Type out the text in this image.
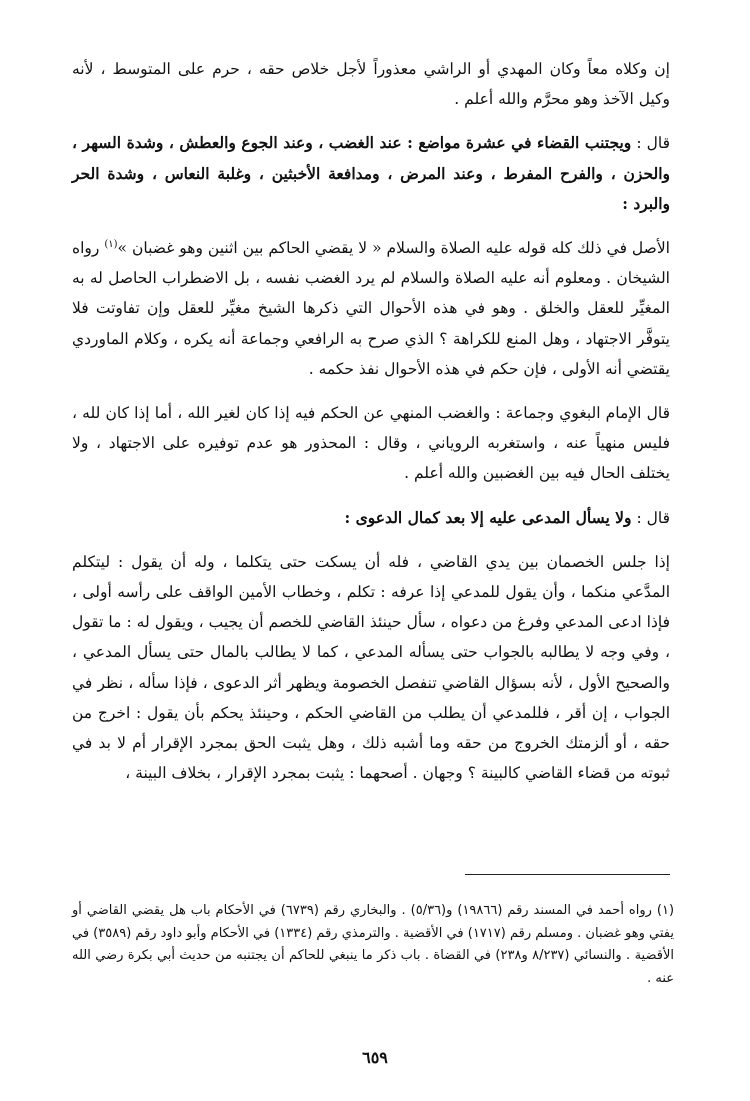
إن وكلاه معاً وكان المهدي أو الراشي معذوراً لأجل خلاص حقه ، حرم على المتوسط ، لأنه وكيل الآخذ وهو محرَّم والله أعلم .

قال : ويجتنب القضاء في عشرة مواضع : عند الغضب ، وعند الجوع والعطش ، وشدة السهر ، والحزن ، والفرح المفرط ، وعند المرض ، ومدافعة الأخبثين ، وغلبة النعاس ، وشدة الحر والبرد :

الأصل في ذلك كله قوله عليه الصلاة والسلام « لا يقضي الحاكم بين اثنين وهو غضبان »$^{(١)}$ رواه الشيخان . ومعلوم أنه عليه الصلاة والسلام لم يرد الغضب نفسه ، بل الاضطراب الحاصل له به المغيِّر للعقل والخلق . وهو في هذه الأحوال التي ذكرها الشيخ مغيِّر للعقل وإن تفاوتت فلا يتوفَّر الاجتهاد ، وهل المنع للكراهة ؟ الذي صرح به الرافعي وجماعة أنه يكره ، وكلام الماوردي يقتضي أنه الأولى ، فإن حكم في هذه الأحوال نفذ حكمه .

قال الإمام البغوي وجماعة : والغضب المنهي عن الحكم فيه إذا كان لغير الله ، أما إذا كان لله ، فليس منهياً عنه ، واستغربه الروياني ، وقال : المحذور هو عدم توفيره على الاجتهاد ، ولا يختلف الحال فيه بين الغضبين والله أعلم .

قال : ولا يسأل المدعى عليه إلا بعد كمال الدعوى :

إذا جلس الخصمان بين يدي القاضي ، فله أن يسكت حتى يتكلما ، وله أن يقول : ليتكلم المدَّعي منكما ، وأن يقول للمدعي إذا عرفه : تكلم ، وخطاب الأمين الواقف على رأسه أولى ، فإذا ادعى المدعي وفرغ من دعواه ، سأل حينئذ القاضي للخصم أن يجيب ، ويقول له : ما تقول ، وفي وجه لا يطالبه بالجواب حتى يسأله المدعي ، كما لا يطالب بالمال حتى يسأل المدعي ، والصحيح الأول ، لأنه بسؤال القاضي تنفصل الخصومة ويظهر أثر الدعوى ، فإذا سأله ، نظر في الجواب ، إن أقر ، فللمدعي أن يطلب من القاضي الحكم ، وحينئذ يحكم بأن يقول : اخرج من حقه ، أو ألزمتك الخروج من حقه وما أشبه ذلك ، وهل يثبت الحق بمجرد الإقرار أم لا بد في ثبوته من قضاء القاضي كالبينة ؟ وجهان . أصحهما : يثبت بمجرد الإقرار ، بخلاف البينة ،

(١) رواه أحمد في المسند رقم (١٩٨٦٦) و(٥/٣٦) . والبخاري رقم (٦٧٣٩) في الأحكام باب هل يقضي القاضي أو يفتي وهو غضبان . ومسلم رقم (١٧١٧) في الأقضية . والترمذي رقم (١٣٣٤) في الأحكام وأبو داود رقم (٣٥٨٩) في الأقضية . والنسائي (٨/٢٣٧ و٢٣٨) في القضاة . باب ذكر ما ينبغي للحاكم أن يجتنبه من حديث أبي بكرة رضي الله عنه .
٦٥٩
